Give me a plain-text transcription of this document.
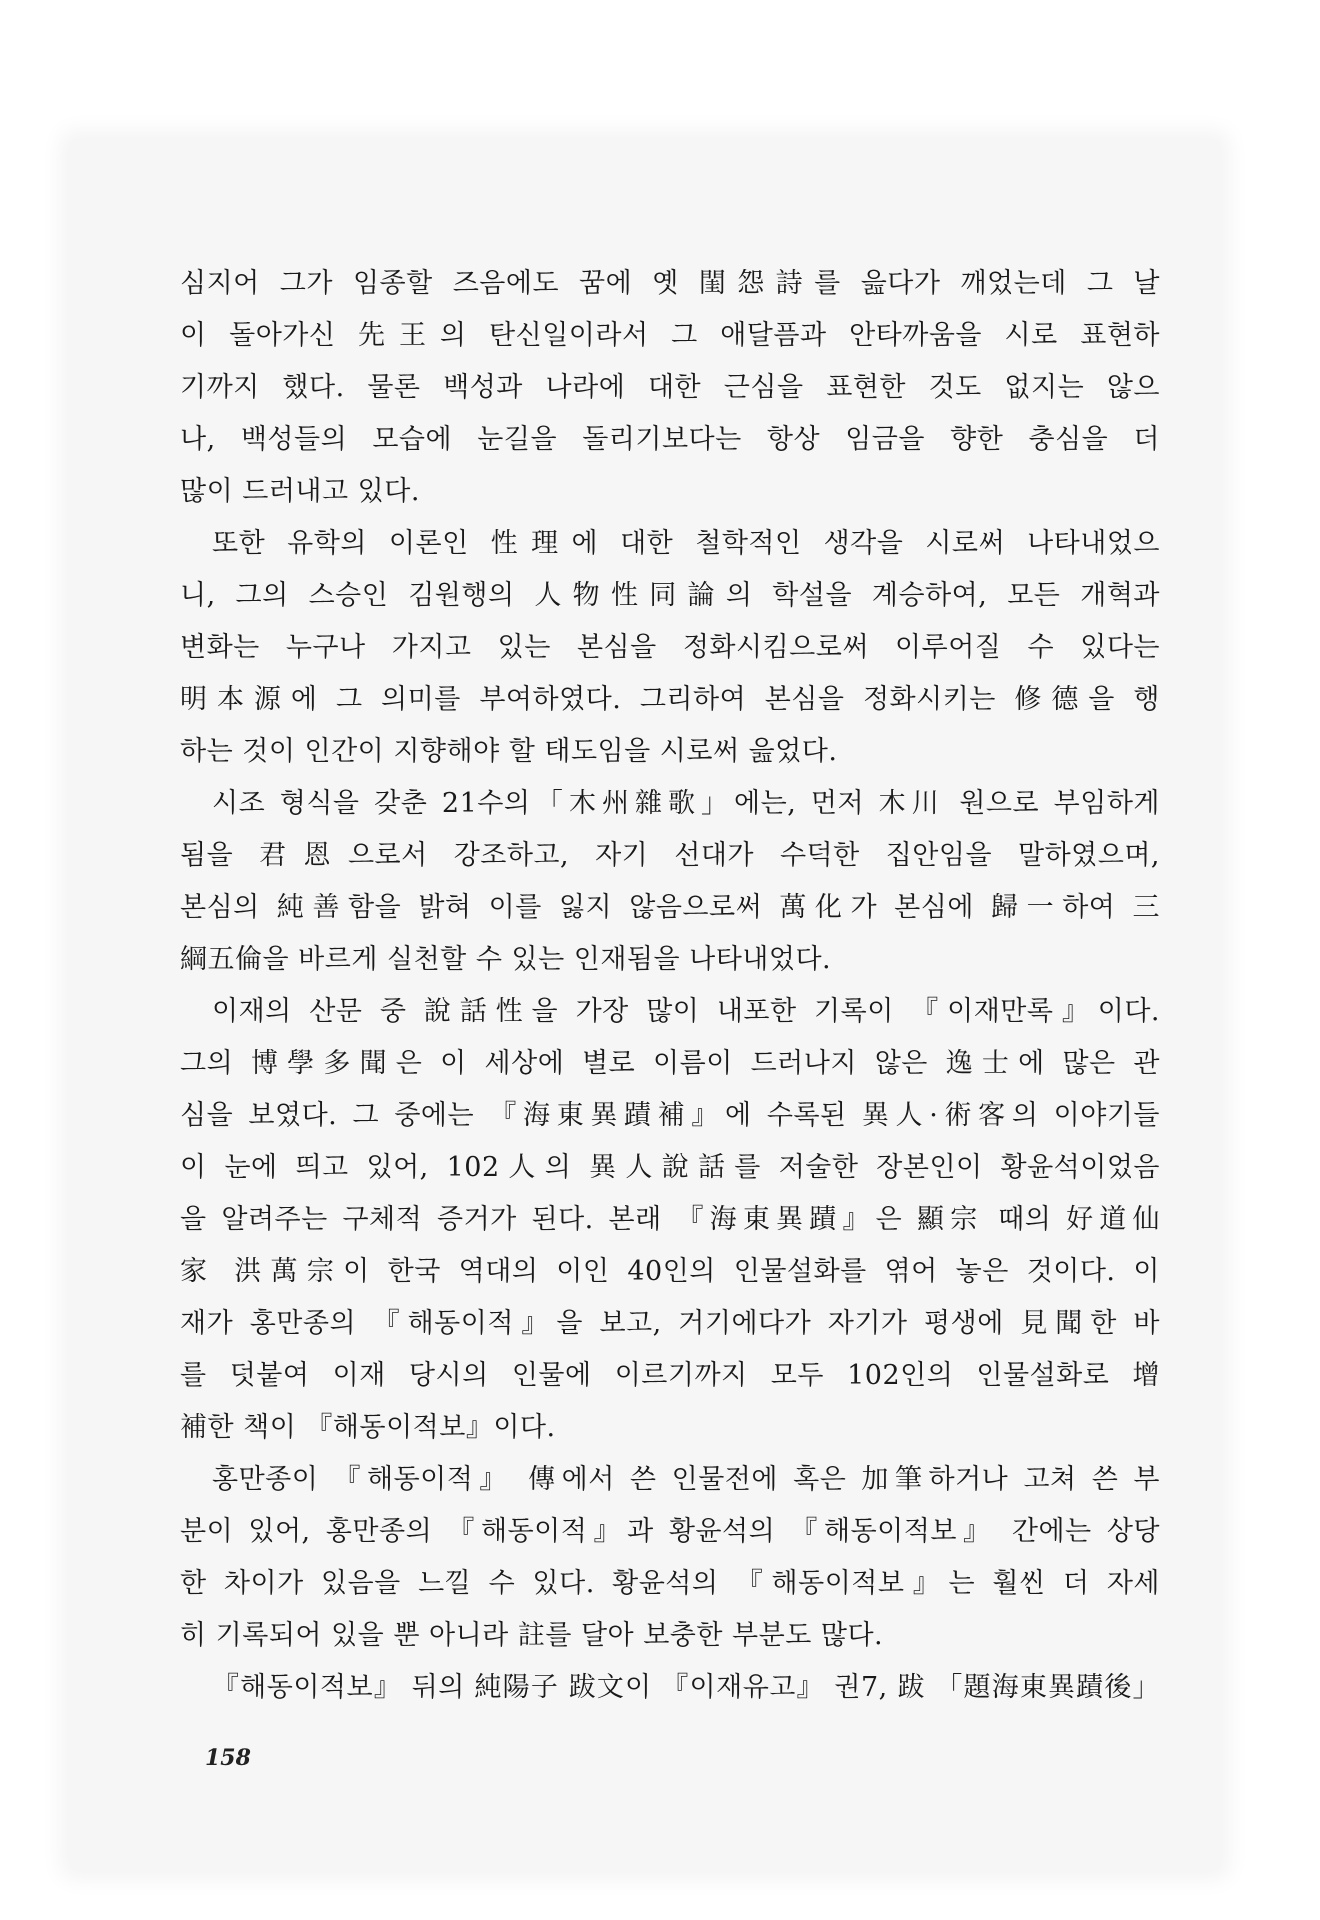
심지어 그가 임종할 즈음에도 꿈에 옛 閨怨詩를 읊다가 깨었는데 그 날
이 돌아가신 先王의 탄신일이라서 그 애달픔과 안타까움을 시로 표현하
기까지 했다. 물론 백성과 나라에 대한 근심을 표현한 것도 없지는 않으
나, 백성들의 모습에 눈길을 돌리기보다는 항상 임금을 향한 충심을 더
많이 드러내고 있다.
또한 유학의 이론인 性理에 대한 철학적인 생각을 시로써 나타내었으
니, 그의 스승인 김원행의 人物性同論의 학설을 계승하여, 모든 개혁과
변화는 누구나 가지고 있는 본심을 정화시킴으로써 이루어질 수 있다는
明本源에 그 의미를 부여하였다. 그리하여 본심을 정화시키는 修德을 행
하는 것이 인간이 지향해야 할 태도임을 시로써 읊었다.
시조 형식을 갖춘 21수의「木州雜歌」에는, 먼저 木川 원으로 부임하게
됨을 君恩으로서 강조하고, 자기 선대가 수덕한 집안임을 말하였으며,
본심의 純善함을 밝혀 이를 잃지 않음으로써 萬化가 본심에 歸一하여 三
綱五倫을 바르게 실천할 수 있는 인재됨을 나타내었다.
이재의 산문 중 說話性을 가장 많이 내포한 기록이 『이재만록』이다.
그의 博學多聞은 이 세상에 별로 이름이 드러나지 않은 逸士에 많은 관
심을 보였다. 그 중에는 『海東異蹟補』에 수록된 異人·術客의 이야기들
이 눈에 띄고 있어, 102人의 異人說話를 저술한 장본인이 황윤석이었음
을 알려주는 구체적 증거가 된다. 본래 『海東異蹟』은 顯宗 때의 好道仙
家 洪萬宗이 한국 역대의 이인 40인의 인물설화를 엮어 놓은 것이다. 이
재가 홍만종의 『해동이적』을 보고, 거기에다가 자기가 평생에 見聞한 바
를 덧붙여 이재 당시의 인물에 이르기까지 모두 102인의 인물설화로 增
補한 책이 『해동이적보』이다.
홍만종이 『해동이적』 傳에서 쓴 인물전에 혹은 加筆하거나 고쳐 쓴 부
분이 있어, 홍만종의 『해동이적』과 황윤석의 『해동이적보』 간에는 상당
한 차이가 있음을 느낄 수 있다. 황윤석의 『해동이적보』는 훨씬 더 자세
히 기록되어 있을 뿐 아니라 註를 달아 보충한 부분도 많다.
『해동이적보』 뒤의 純陽子 跋文이 『이재유고』 권7, 跋 「題海東異蹟後」
158
